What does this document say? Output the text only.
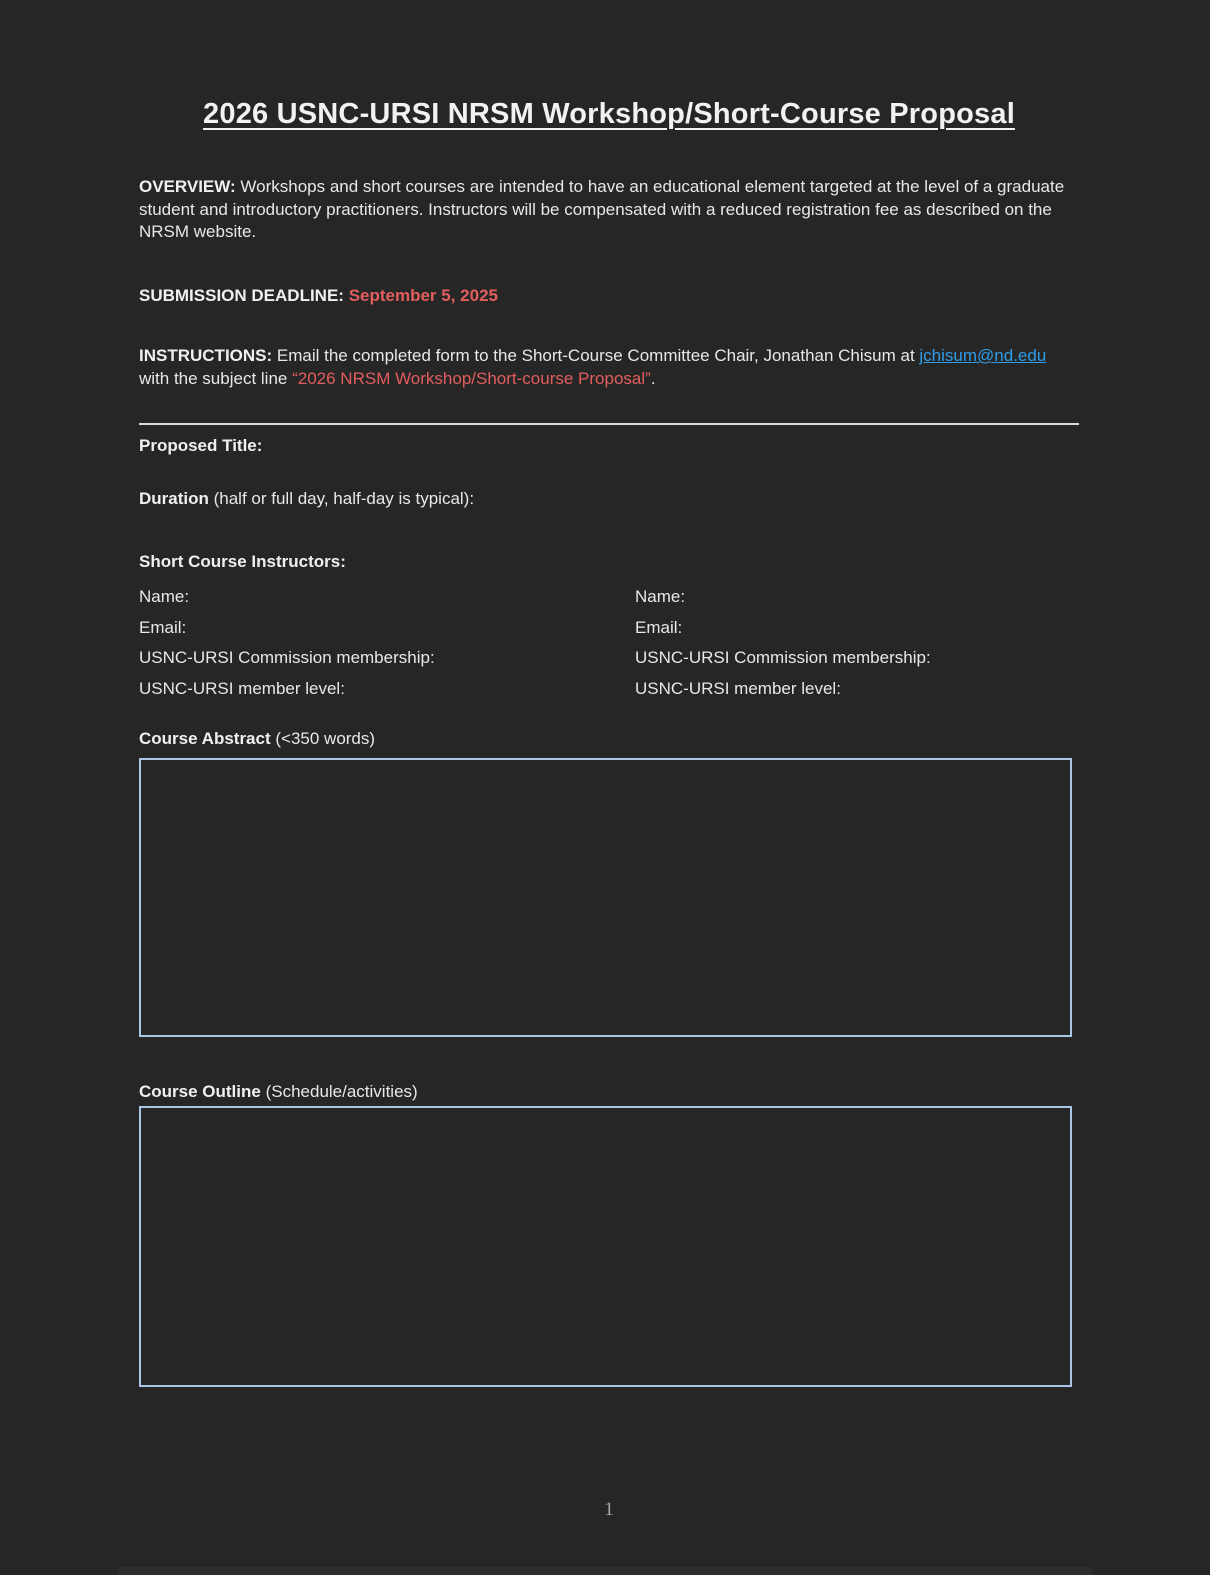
2026 USNC-URSI NRSM Workshop/Short-Course Proposal

OVERVIEW: Workshops and short courses are intended to have an educational element targeted at the level of a graduate student and introductory practitioners. Instructors will be compensated with a reduced registration fee as described on the NRSM website.

SUBMISSION DEADLINE: September 5, 2025

INSTRUCTIONS: Email the completed form to the Short-Course Committee Chair, Jonathan Chisum at jchisum@nd.edu with the subject line “2026 NRSM Workshop/Short-course Proposal”.

Proposed Title:

Duration (half or full day, half-day is typical):

Short Course Instructors:

Name:

Email:

USNC-URSI Commission membership:

USNC-URSI member level:

Name:

Email:

USNC-URSI Commission membership:

USNC-URSI member level:

Course Abstract (<350 words)

Course Outline (Schedule/activities)

1
